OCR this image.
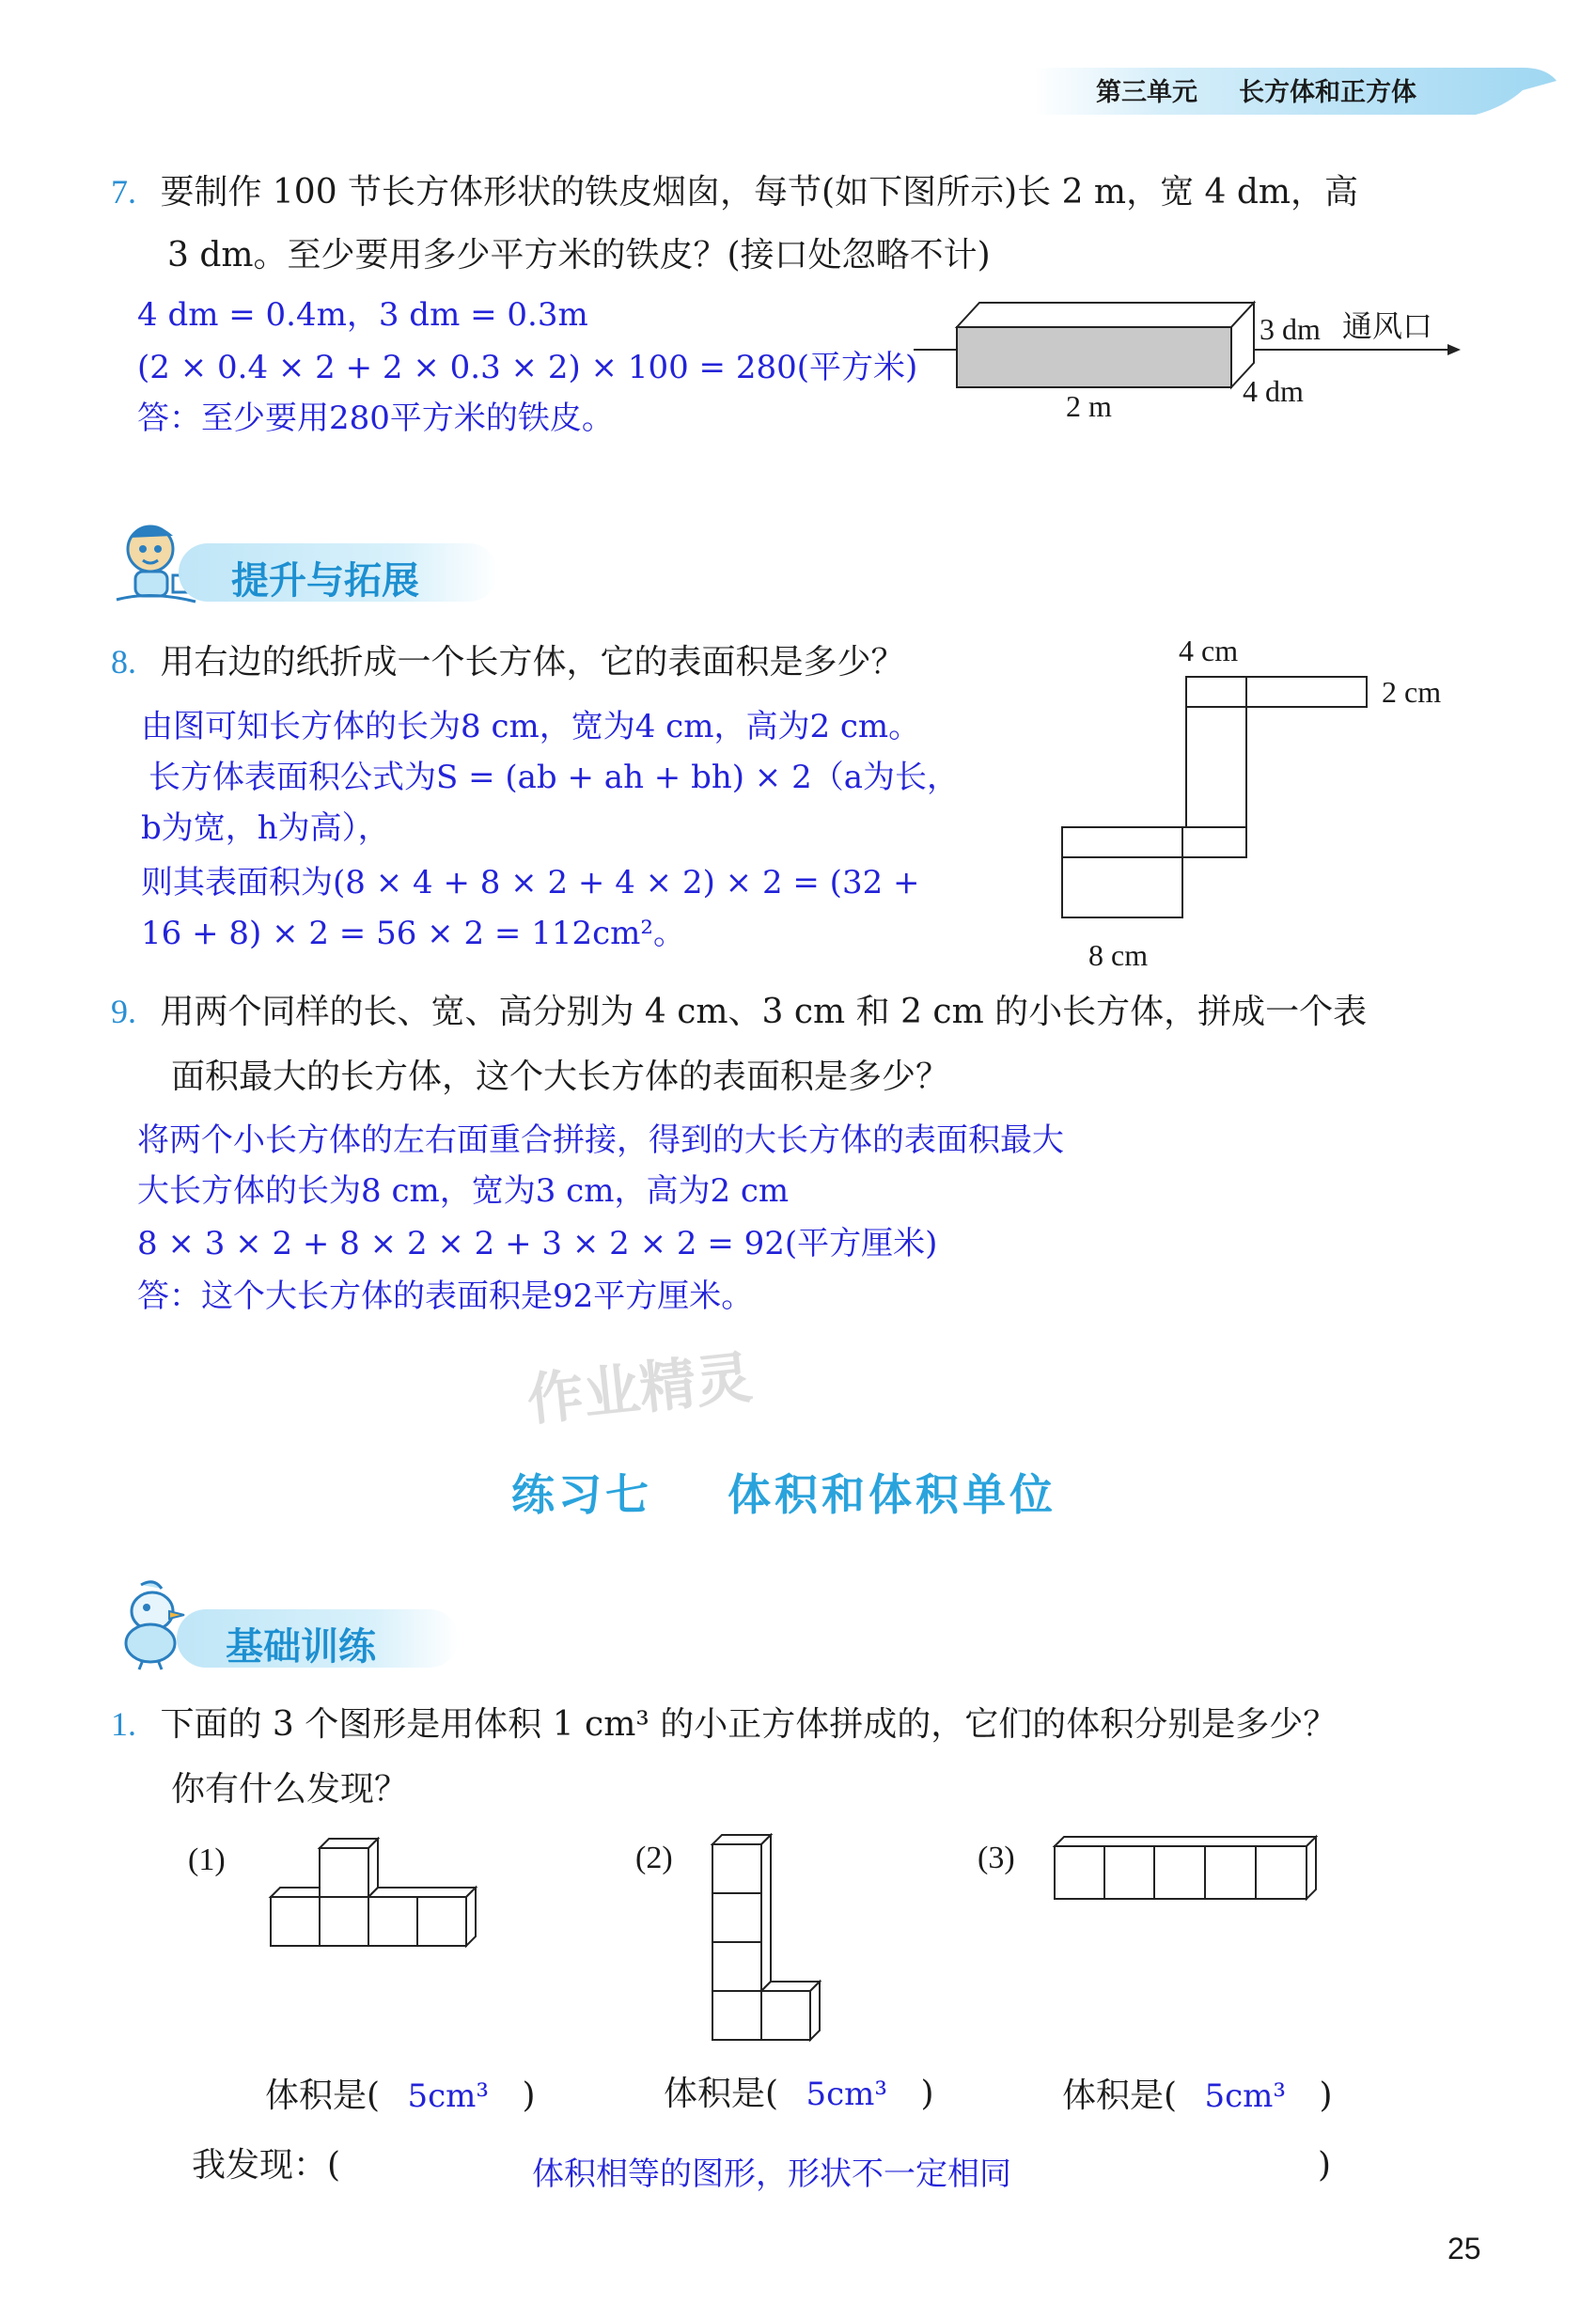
第三单元 长方体和正方体
7. 要制作 100 节长方体形状的铁皮烟囱，每节(如下图所示)长 2 m，宽 4 dm，高
3 dm。至少要用多少平方米的铁皮？(接口处忽略不计)
4 dm = 0.4m，3 dm = 0.3m
(2 × 0.4 × 2 + 2 × 0.3 × 2) × 100 = 280(平方米)
答：至少要用280平方米的铁皮。
3 dm 通风口
2 m	4 dm
提升与拓展
8. 用右边的纸折成一个长方体，它的表面积是多少？
由图可知长方体的长为8 cm，宽为4 cm，高为2 cm。
长方体表面积公式为S = (ab + ah + bh) × 2（a为长，
b为宽，h为高），
则其表面积为(8 × 4 + 8 × 2 + 4 × 2) × 2 = (32 +
16 + 8) × 2 = 56 × 2 = 112cm²。
4 cm
2 cm
8 cm
9. 用两个同样的长、宽、高分别为 4 cm、3 cm 和 2 cm 的小长方体，拼成一个表
面积最大的长方体，这个大长方体的表面积是多少？
将两个小长方体的左右面重合拼接，得到的大长方体的表面积最大
大长方体的长为8 cm，宽为3 cm，高为2 cm
8 × 3 × 2 + 8 × 2 × 2 + 3 × 2 × 2 = 92(平方厘米)
答：这个大长方体的表面积是92平方厘米。
作业精灵
练习七    体积和体积单位
基础训练
1. 下面的 3 个图形是用体积 1 cm³ 的小正方体拼成的，它们的体积分别是多少？
你有什么发现？
(1)	(2)	(3)
体积是( 5cm³ )	体积是( 5cm³ )	体积是( 5cm³ )
我发现：(	体积相等的图形，形状不一定相同	)
25
